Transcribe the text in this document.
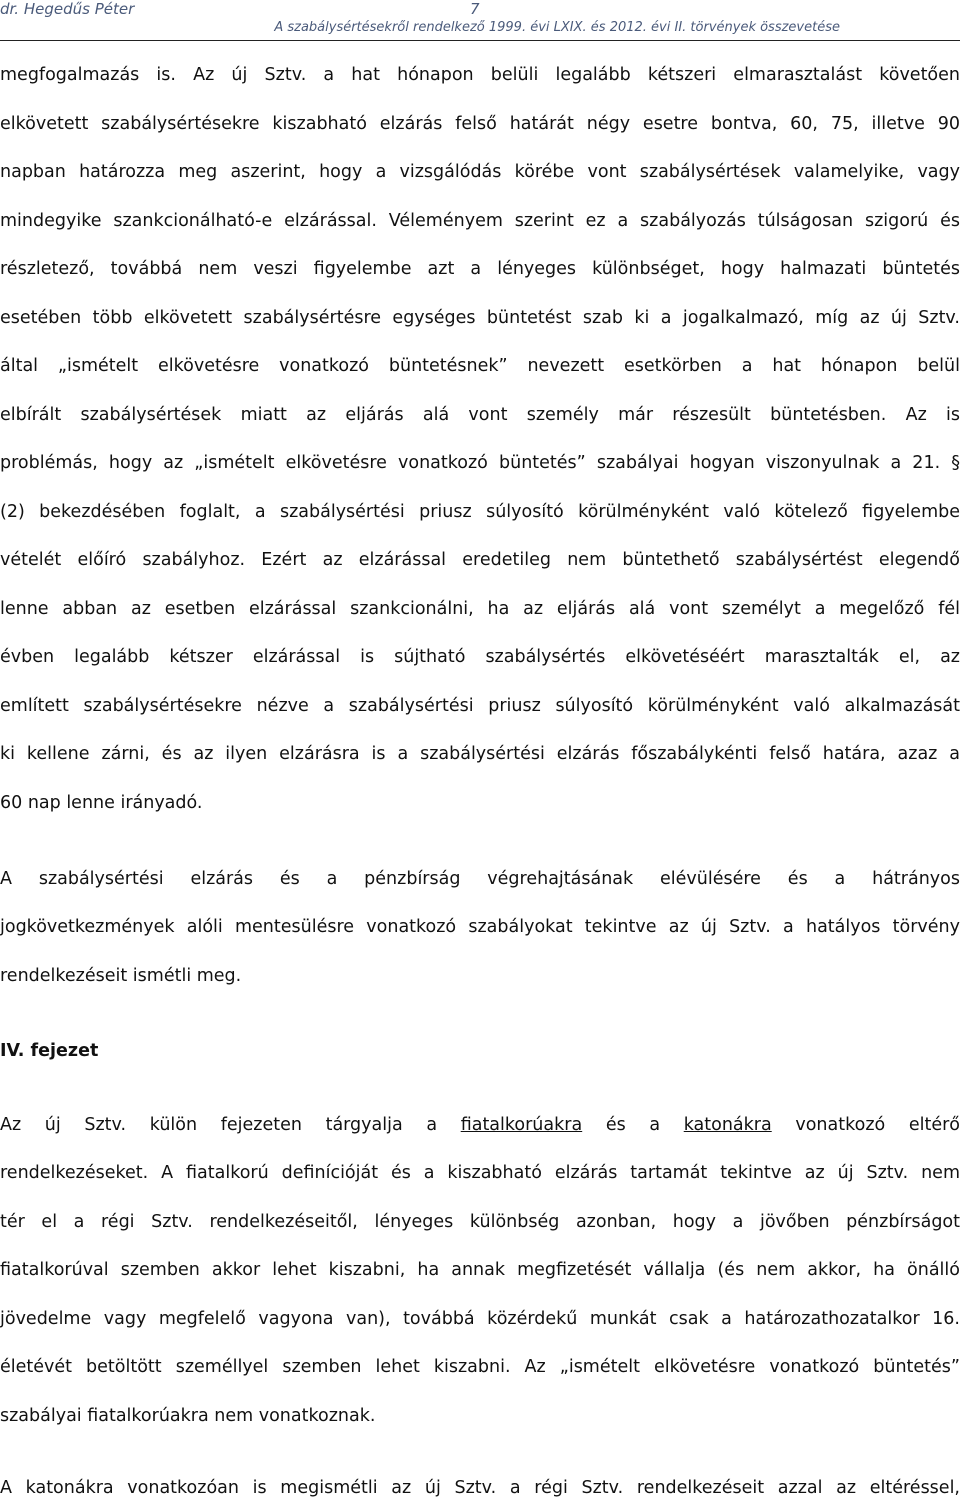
dr. Hegedűs Péter	7
A szabálysértésekről rendelkező 1999. évi LXIX. és 2012. évi II. törvények összevetése
megfogalmazás is. Az új Sztv. a hat hónapon belüli legalább kétszeri elmarasztalást követően
elkövetett szabálysértésekre kiszabható elzárás felső határát négy esetre bontva, 60, 75, illetve 90
napban határozza meg aszerint, hogy a vizsgálódás körébe vont szabálysértések valamelyike, vagy
mindegyike szankcionálható-e elzárással. Véleményem szerint ez a szabályozás túlságosan szigorú és
részletező, továbbá nem veszi figyelembe azt a lényeges különbséget, hogy halmazati büntetés
esetében több elkövetett szabálysértésre egységes büntetést szab ki a jogalkalmazó, míg az új Sztv.
által „ismételt elkövetésre vonatkozó büntetésnek” nevezett esetkörben a hat hónapon belül
elbírált szabálysértések miatt az eljárás alá vont személy már részesült büntetésben. Az is
problémás, hogy az „ismételt elkövetésre vonatkozó büntetés” szabályai hogyan viszonyulnak a 21. §
(2) bekezdésében foglalt, a szabálysértési priusz súlyosító körülményként való kötelező figyelembe
vételét előíró szabályhoz. Ezért az elzárással eredetileg nem büntethető szabálysértést elegendő
lenne abban az esetben elzárással szankcionálni, ha az eljárás alá vont személyt a megelőző fél
évben legalább kétszer elzárással is sújtható szabálysértés elkövetéséért marasztalták el, az
említett szabálysértésekre nézve a szabálysértési priusz súlyosító körülményként való alkalmazását
ki kellene zárni, és az ilyen elzárásra is a szabálysértési elzárás főszabálykénti felső határa, azaz a
60 nap lenne irányadó.
A szabálysértési elzárás és a pénzbírság végrehajtásának elévülésére és a hátrányos
jogkövetkezmények alóli mentesülésre vonatkozó szabályokat tekintve az új Sztv. a hatályos törvény
rendelkezéseit ismétli meg.
IV. fejezet
Az új Sztv. külön fejezeten tárgyalja a fiatalkorúakra és a katonákra vonatkozó eltérő
rendelkezéseket. A fiatalkorú definícióját és a kiszabható elzárás tartamát tekintve az új Sztv. nem
tér el a régi Sztv. rendelkezéseitől, lényeges különbség azonban, hogy a jövőben pénzbírságot
fiatalkorúval szemben akkor lehet kiszabni, ha annak megfizetését vállalja (és nem akkor, ha önálló
jövedelme vagy megfelelő vagyona van), továbbá közérdekű munkát csak a határozathozatalkor 16.
életévét betöltött személlyel szemben lehet kiszabni. Az „ismételt elkövetésre vonatkozó büntetés”
szabályai fiatalkorúakra nem vonatkoznak.
A katonákra vonatkozóan is megismétli az új Sztv. a régi Sztv. rendelkezéseit azzal az eltéréssel,
